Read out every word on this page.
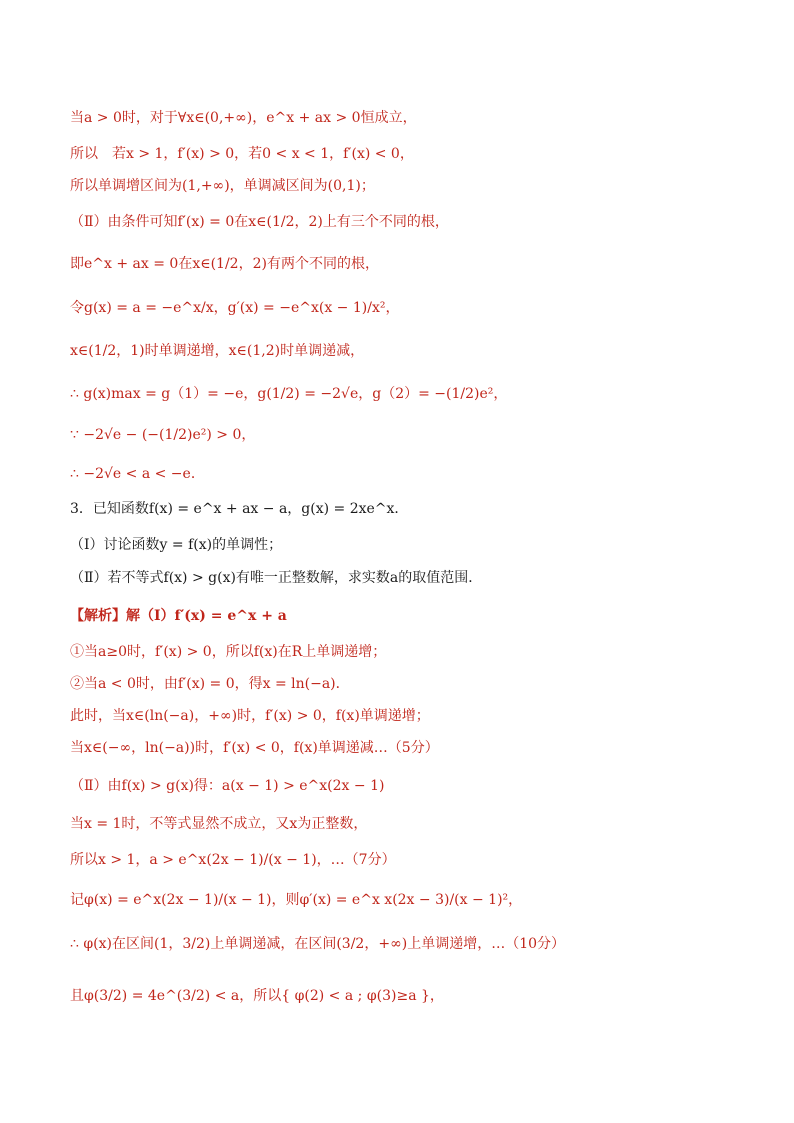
当a > 0时，对于∀x∈(0,+∞)，e^x + ax > 0恒成立，
所以　若x > 1，f′(x) > 0，若0 < x < 1，f′(x) < 0，
所以单调增区间为(1,+∞)，单调减区间为(0,1)；
（Ⅱ）由条件可知f′(x) = 0在x∈(1/2，2)上有三个不同的根，
即e^x + ax = 0在x∈(1/2，2)有两个不同的根，
令g(x) = a = −e^x/x，g′(x) = −e^x(x − 1)/x²，
x∈(1/2，1)时单调递增，x∈(1,2)时单调递减，
∴ g(x)max = g（1）= −e，g(1/2) = −2√e，g（2）= −(1/2)e²，
∵ −2√e − (−(1/2)e²) > 0，
∴ −2√e < a < −e．
3．已知函数f(x) = e^x + ax − a，g(x) = 2xe^x．
（Ⅰ）讨论函数y = f(x)的单调性；
（Ⅱ）若不等式f(x) > g(x)有唯一正整数解，求实数a的取值范围．
【解析】解（Ⅰ）f′(x) = e^x + a
①当a≥0时，f′(x) > 0，所以f(x)在R上单调递增；
②当a < 0时，由f′(x) = 0，得x = ln(−a)．
此时，当x∈(ln(−a)，+∞)时，f′(x) > 0，f(x)单调递增；
当x∈(−∞，ln(−a))时，f′(x) < 0，f(x)单调递减…（5分）
（Ⅱ）由f(x) > g(x)得：a(x − 1) > e^x(2x − 1)
当x = 1时，不等式显然不成立，又x为正整数，
所以x > 1，a > e^x(2x − 1)/(x − 1)，…（7分）
记φ(x) = e^x(2x − 1)/(x − 1)，则φ′(x) = e^x x(2x − 3)/(x − 1)²，
∴ φ(x)在区间(1，3/2)上单调递减，在区间(3/2，+∞)上单调递增，…（10分）
且φ(3/2) = 4e^(3/2) < a，所以{ φ(2) < a ; φ(3)≥a }，
